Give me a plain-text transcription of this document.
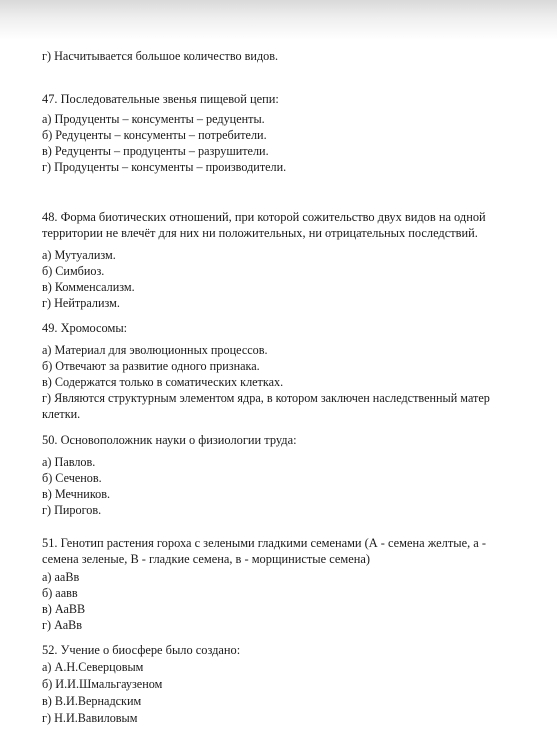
г) Насчитывается большое количество видов.
47. Последовательные звенья пищевой цепи:
а) Продуценты – консументы – редуценты.
б) Редуценты – консументы – потребители.
в) Редуценты – продуценты – разрушители.
г) Продуценты – консументы – производители.
48. Форма биотических отношений, при которой сожительство двух видов на одной
территории не влечёт для них ни положительных, ни отрицательных последствий.
а) Мутуализм.
б) Симбиоз.
в) Комменсализм.
г) Нейтрализм.
49. Хромосомы:
а) Материал для эволюционных процессов.
б) Отвечают за развитие одного признака.
в) Содержатся только в соматических клетках.
г) Являются структурным элементом ядра, в котором заключен наследственный матер
клетки.
50. Основоположник науки о физиологии труда:
а) Павлов.
б) Сеченов.
в) Мечников.
г) Пирогов.
51. Генотип растения гороха с зелеными гладкими семенами (А - семена желтые, а -
семена зеленые, В - гладкие семена, в - морщинистые семена)
а) ааВв
б) аавв
в) АаВВ
г) АаВв
52. Учение о биосфере было создано:
а) А.Н.Северцовым
б) И.И.Шмальгаузеном
в) В.И.Вернадским
г) Н.И.Вавиловым
